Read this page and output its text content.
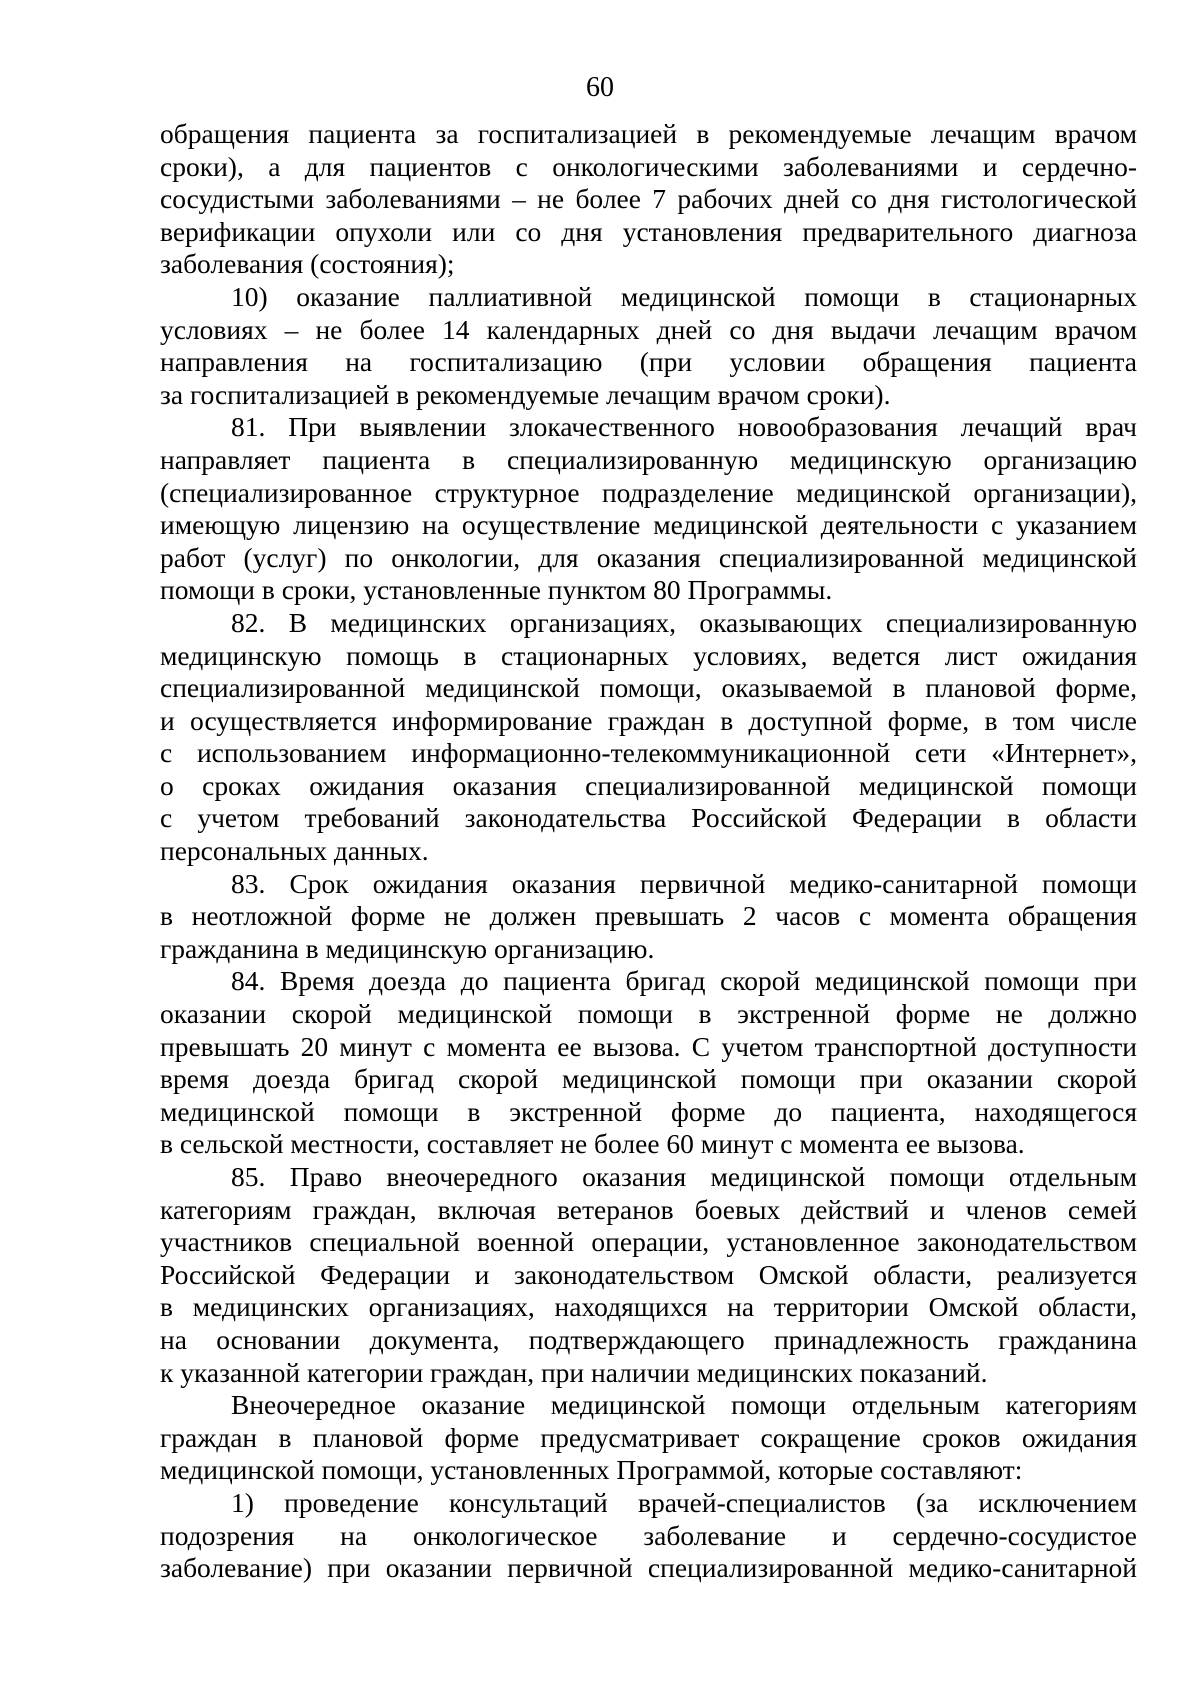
60
обращения пациента за госпитализацией в рекомендуемые лечащим врачом
сроки), а для пациентов с онкологическими заболеваниями и сердечно-
сосудистыми заболеваниями – не более 7 рабочих дней со дня гистологической
верификации опухоли или со дня установления предварительного диагноза
заболевания (состояния);
10) оказание паллиативной медицинской помощи в стационарных
условиях – не более 14 календарных дней со дня выдачи лечащим врачом
направления на госпитализацию (при условии обращения пациента
за госпитализацией в рекомендуемые лечащим врачом сроки).
81. При выявлении злокачественного новообразования лечащий врач
направляет пациента в специализированную медицинскую организацию
(специализированное структурное подразделение медицинской организации),
имеющую лицензию на осуществление медицинской деятельности с указанием
работ (услуг) по онкологии, для оказания специализированной медицинской
помощи в сроки, установленные пунктом 80 Программы.
82. В медицинских организациях, оказывающих специализированную
медицинскую помощь в стационарных условиях, ведется лист ожидания
специализированной медицинской помощи, оказываемой в плановой форме,
и осуществляется информирование граждан в доступной форме, в том числе
с использованием информационно-телекоммуникационной сети «Интернет»,
о сроках ожидания оказания специализированной медицинской помощи
с учетом требований законодательства Российской Федерации в области
персональных данных.
83. Срок ожидания оказания первичной медико-санитарной помощи
в неотложной форме не должен превышать 2 часов с момента обращения
гражданина в медицинскую организацию.
84. Время доезда до пациента бригад скорой медицинской помощи при
оказании скорой медицинской помощи в экстренной форме не должно
превышать 20 минут с момента ее вызова. С учетом транспортной доступности
время доезда бригад скорой медицинской помощи при оказании скорой
медицинской помощи в экстренной форме до пациента, находящегося
в сельской местности, составляет не более 60 минут с момента ее вызова.
85. Право внеочередного оказания медицинской помощи отдельным
категориям граждан, включая ветеранов боевых действий и членов семей
участников специальной военной операции, установленное законодательством
Российской Федерации и законодательством Омской области, реализуется
в медицинских организациях, находящихся на территории Омской области,
на основании документа, подтверждающего принадлежность гражданина
к указанной категории граждан, при наличии медицинских показаний.
Внеочередное оказание медицинской помощи отдельным категориям
граждан в плановой форме предусматривает сокращение сроков ожидания
медицинской помощи, установленных Программой, которые составляют:
1) проведение консультаций врачей-специалистов (за исключением
подозрения на онкологическое заболевание и сердечно-сосудистое
заболевание) при оказании первичной специализированной медико-санитарной
